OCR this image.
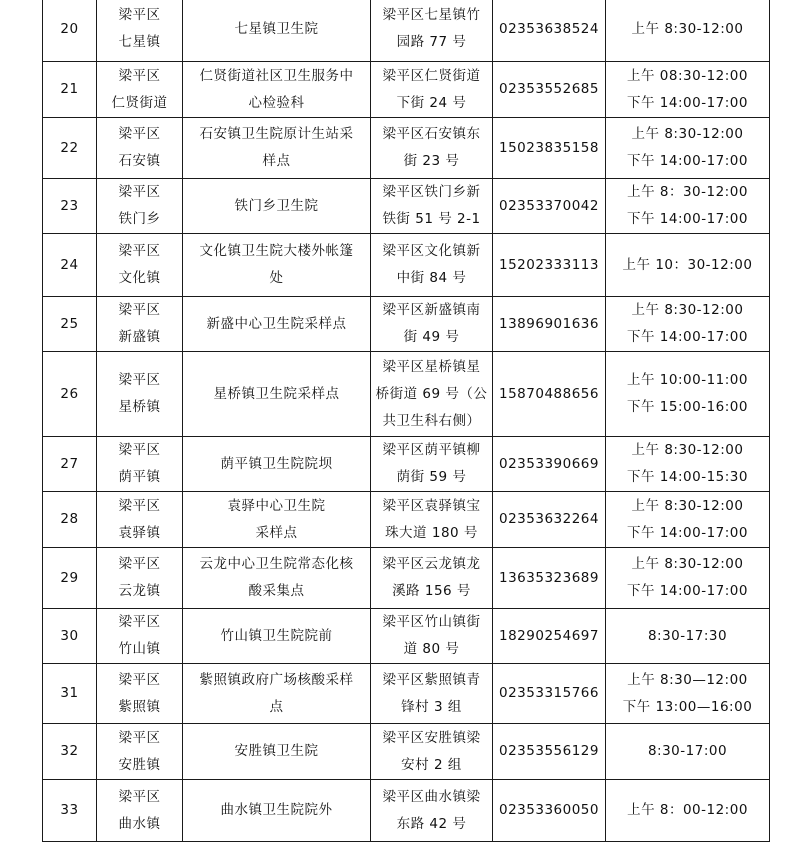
20	梁平区
七星镇	七星镇卫生院	梁平区七星镇竹
园路 77 号	02353638524	上午 8:30-12:00

21	梁平区
仁贤街道	仁贤街道社区卫生服务中
心检验科	梁平区仁贤街道
下街 24 号	02353552685	上午 08:30-12:00
下午 14:00-17:00

22	梁平区
石安镇	石安镇卫生院原计生站采
样点	梁平区石安镇东
街 23 号	15023835158	上午 8:30-12:00
下午 14:00-17:00

23	梁平区
铁门乡	铁门乡卫生院	梁平区铁门乡新
铁街 51 号 2-1	02353370042	上午 8：30-12:00
下午 14:00-17:00

24	梁平区
文化镇	文化镇卫生院大楼外帐篷
处	梁平区文化镇新
中街 84 号	15202333113	上午 10：30-12:00

25	梁平区
新盛镇	新盛中心卫生院采样点	梁平区新盛镇南
街 49 号	13896901636	上午 8:30-12:00
下午 14:00-17:00

26	梁平区
星桥镇	星桥镇卫生院采样点	梁平区星桥镇星
桥街道 69 号（公
共卫生科右侧）	15870488656	上午 10:00-11:00
下午 15:00-16:00

27	梁平区
荫平镇	荫平镇卫生院院坝	梁平区荫平镇柳
荫街 59 号	02353390669	上午 8:30-12:00
下午 14:00-15:30

28	梁平区
袁驿镇	袁驿中心卫生院
采样点	梁平区袁驿镇宝
珠大道 180 号	02353632264	上午 8:30-12:00
下午 14:00-17:00

29	梁平区
云龙镇	云龙中心卫生院常态化核
酸采集点	梁平区云龙镇龙
溪路 156 号	13635323689	上午 8:30-12:00
下午 14:00-17:00

30	梁平区
竹山镇	竹山镇卫生院院前	梁平区竹山镇街
道 80 号	18290254697	8:30-17:30

31	梁平区
紫照镇	紫照镇政府广场核酸采样
点	梁平区紫照镇青
锋村 3 组	02353315766	上午 8:30—12:00
下午 13:00—16:00

32	梁平区
安胜镇	安胜镇卫生院	梁平区安胜镇梁
安村 2 组	02353556129	8:30-17:00

33	梁平区
曲水镇	曲水镇卫生院院外	梁平区曲水镇梁
东路 42 号	02353360050	上午 8：00-12:00
